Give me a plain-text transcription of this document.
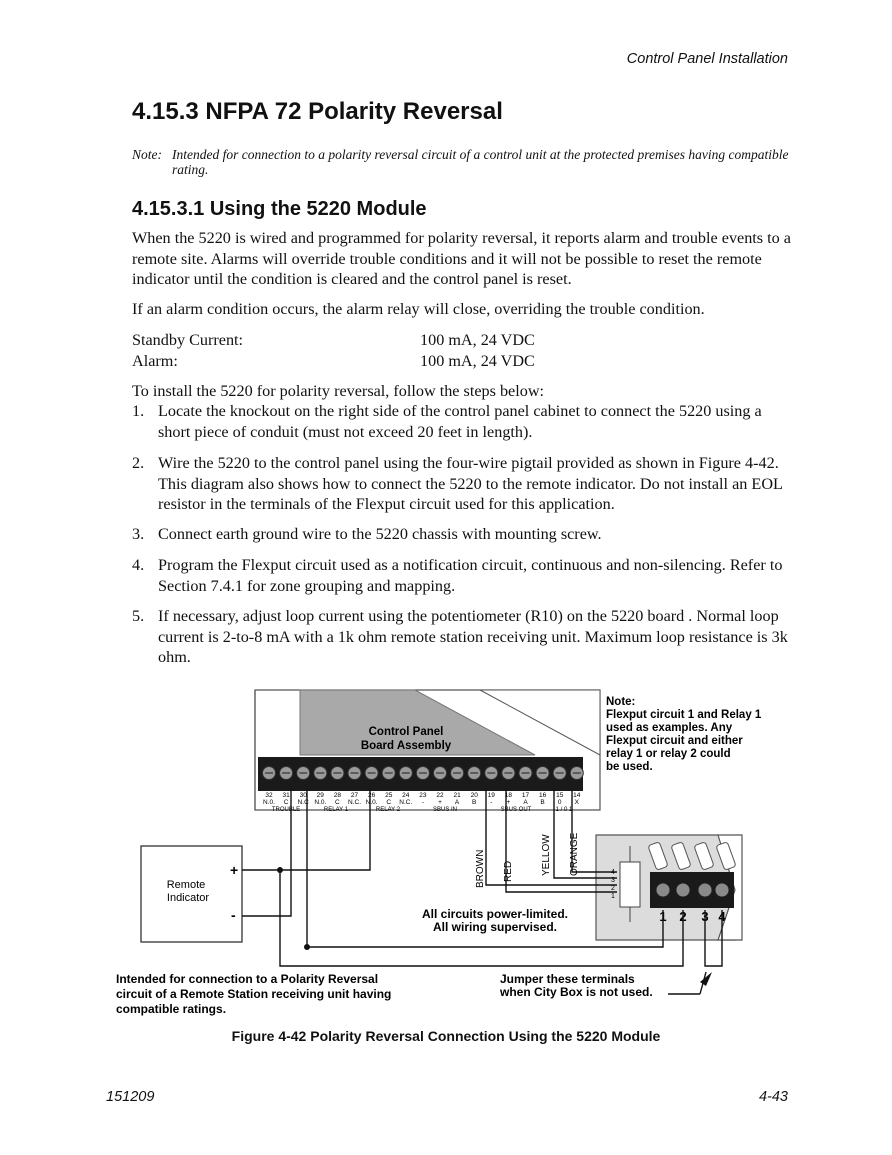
Control Panel Installation
4.15.3 NFPA 72 Polarity Reversal
Note: Intended for connection to a polarity reversal circuit of a control unit at the protected premises having compatible rating.
4.15.3.1 Using the 5220 Module
When the 5220 is wired and programmed for polarity reversal, it reports alarm and trouble events to a remote site. Alarms will override trouble conditions and it will not be possible to reset the remote indicator until the condition is cleared and the control panel is reset.
If an alarm condition occurs, the alarm relay will close, overriding the trouble condition.
Standby Current:	100 mA, 24 VDC
Alarm:	100 mA, 24 VDC
To install the 5220 for polarity reversal, follow the steps below:
1. Locate the knockout on the right side of the control panel cabinet to connect the 5220 using a short piece of conduit (must not exceed 20 feet in length).
2. Wire the 5220 to the control panel using the four-wire pigtail provided as shown in Figure 4-42. This diagram also shows how to connect the 5220 to the remote indicator. Do not install an EOL resistor in the terminals of the Flexput circuit used for this application.
3. Connect earth ground wire to the 5220 chassis with mounting screw.
4. Program the Flexput circuit used as a notification circuit, continuous and non-silencing. Refer to Section 7.4.1 for zone grouping and mapping.
5. If necessary, adjust loop current using the potentiometer (R10) on the 5220 board . Normal loop current is 2-to-8 mA with a 1k ohm remote station receiving unit. Maximum loop resistance is 3k ohm.
Control Panel
Board Assembly
32
N.0.
31
C
30
N.C
29
N.0.
28
C
27
N.C.
26
N.0.
25
C
24
N.C.
23
-
22
+
21
A
20
B
19
-
18
+
17
A
16
B
15
0
14
X
TROUBLE	RELAY 1	RELAY 2	SBUS IN	SBUS OUT	1 / 0 1
Note:
Flexput circuit 1 and Relay 1
used as examples. Any
Flexput circuit and either
relay 1 or relay 2 could
be used.
Remote
Indicator
+
-	1 2 3 4
4
3
2
1
BROWN RED	YELLOW ORANGE
All circuits power-limited.
All wiring supervised.
Intended for connection to a Polarity Reversal
circuit of a Remote Station receiving unit having
compatible ratings.
Jumper these terminals
when City Box is not used.
Figure 4-42 Polarity Reversal Connection Using the 5220 Module
151209	4-43
